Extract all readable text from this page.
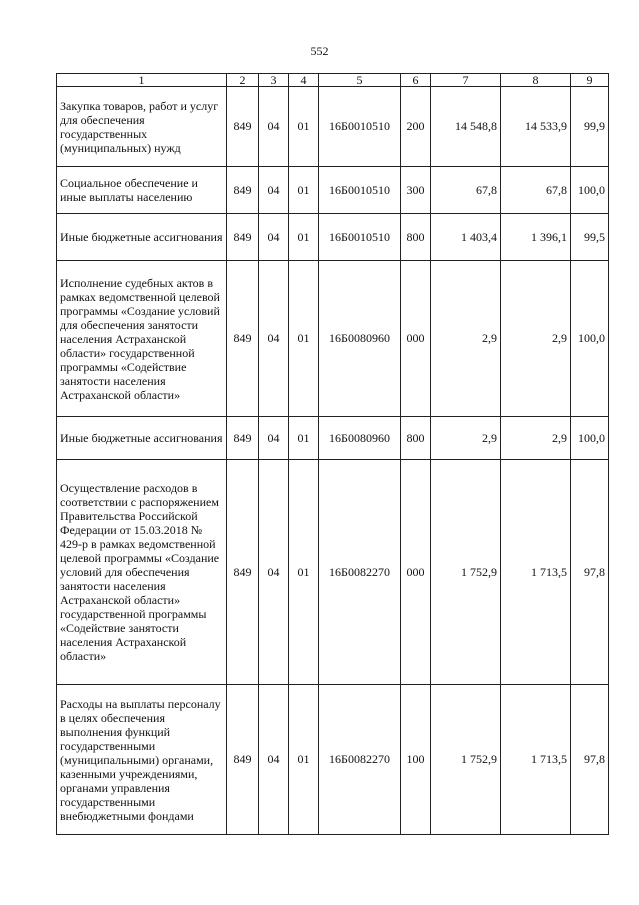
552
1	2	3	4	5	6	7	8	9
Закупка товаров, работ и услуг для обеспечения государственных (муниципальных) нужд	849	04	01	16Б0010510	200	14 548,8	14 533,9	99,9
Социальное обеспечение и иные выплаты населению	849	04	01	16Б0010510	300	67,8	67,8	100,0
Иные бюджетные ассигнования	849	04	01	16Б0010510	800	1 403,4	1 396,1	99,5
Исполнение судебных актов в рамках ведомственной целевой программы «Создание условий для обеспечения занятости населения Астраханской области» государственной программы «Содействие занятости населения Астраханской области»	849	04	01	16Б0080960	000	2,9	2,9	100,0
Иные бюджетные ассигнования	849	04	01	16Б0080960	800	2,9	2,9	100,0
Осуществление расходов в соответствии с распоряжением Правительства Российской Федерации от 15.03.2018 № 429-р в рамках ведомственной целевой программы «Создание условий для обеспечения занятости населения Астраханской области» государственной программы «Содействие занятости населения Астраханской области»	849	04	01	16Б0082270	000	1 752,9	1 713,5	97,8
Расходы на выплаты персоналу в целях обеспечения выполнения функций государственными (муниципальными) органами, казенными учреждениями, органами управления государственными внебюджетными фондами	849	04	01	16Б0082270	100	1 752,9	1 713,5	97,8
